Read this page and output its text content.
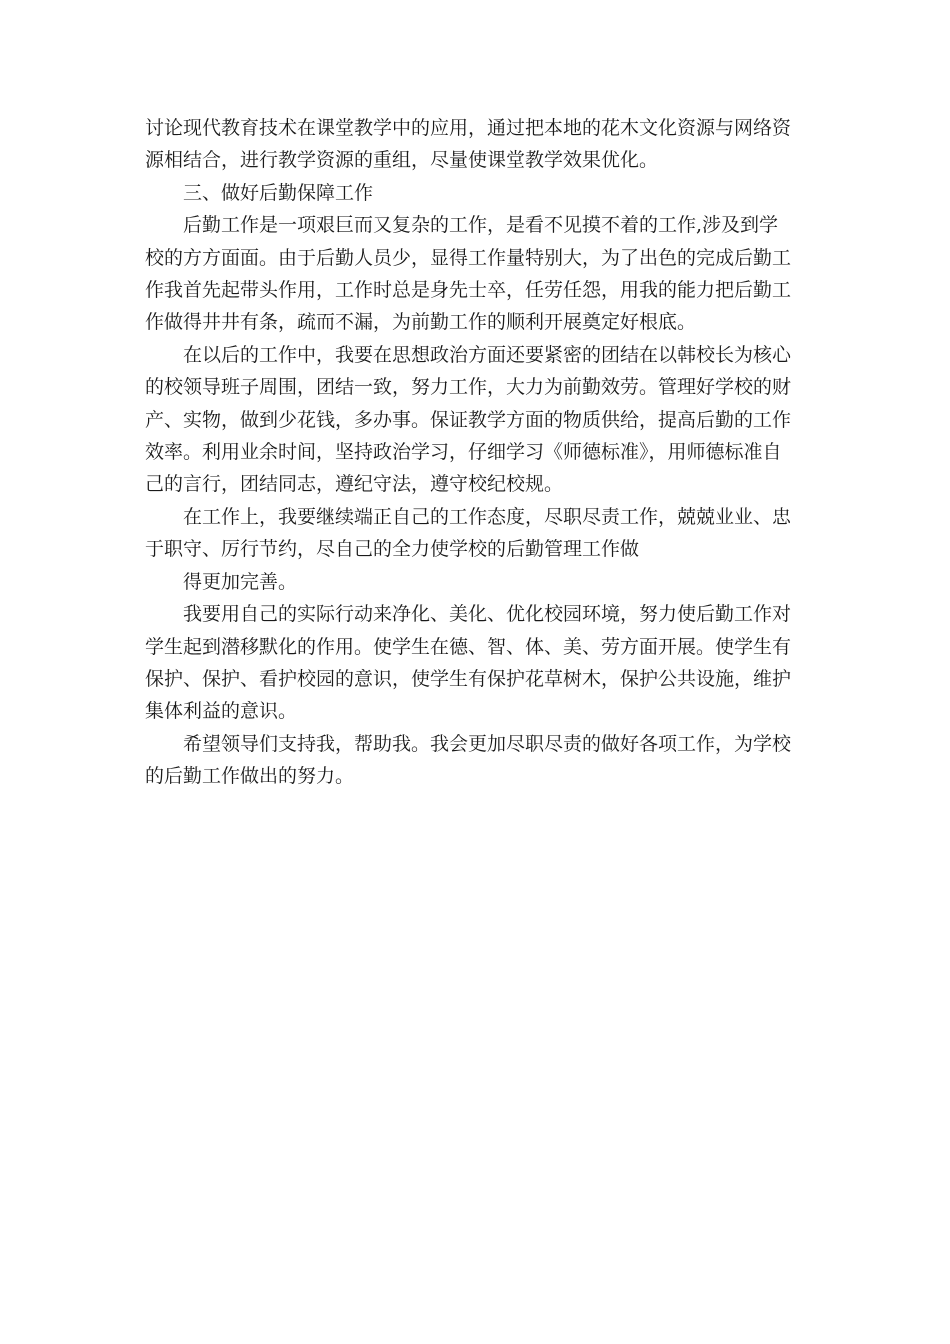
讨论现代教育技术在课堂教学中的应用，通过把本地的花木文化资源与网络资
源相结合，进行教学资源的重组，尽量使课堂教学效果优化。

三、做好后勤保障工作

后勤工作是一项艰巨而又复杂的工作，是看不见摸不着的工作,涉及到学
校的方方面面。由于后勤人员少，显得工作量特别大，为了出色的完成后勤工
作我首先起带头作用，工作时总是身先士卒，任劳任怨，用我的能力把后勤工
作做得井井有条，疏而不漏，为前勤工作的顺利开展奠定好根底。

在以后的工作中，我要在思想政治方面还要紧密的团结在以韩校长为核心
的校领导班子周围，团结一致，努力工作，大力为前勤效劳。管理好学校的财
产、实物，做到少花钱，多办事。保证教学方面的物质供给，提高后勤的工作
效率。利用业余时间，坚持政治学习，仔细学习《师德标准》，用师德标准自
己的言行，团结同志，遵纪守法，遵守校纪校规。

在工作上，我要继续端正自己的工作态度，尽职尽责工作，兢兢业业、忠
于职守、厉行节约，尽自己的全力使学校的后勤管理工作做

得更加完善。

我要用自己的实际行动来净化、美化、优化校园环境，努力使后勤工作对
学生起到潜移默化的作用。使学生在德、智、体、美、劳方面开展。使学生有
保护、保护、看护校园的意识，使学生有保护花草树木，保护公共设施，维护
集体利益的意识。

希望领导们支持我，帮助我。我会更加尽职尽责的做好各项工作，为学校
的后勤工作做出的努力。
